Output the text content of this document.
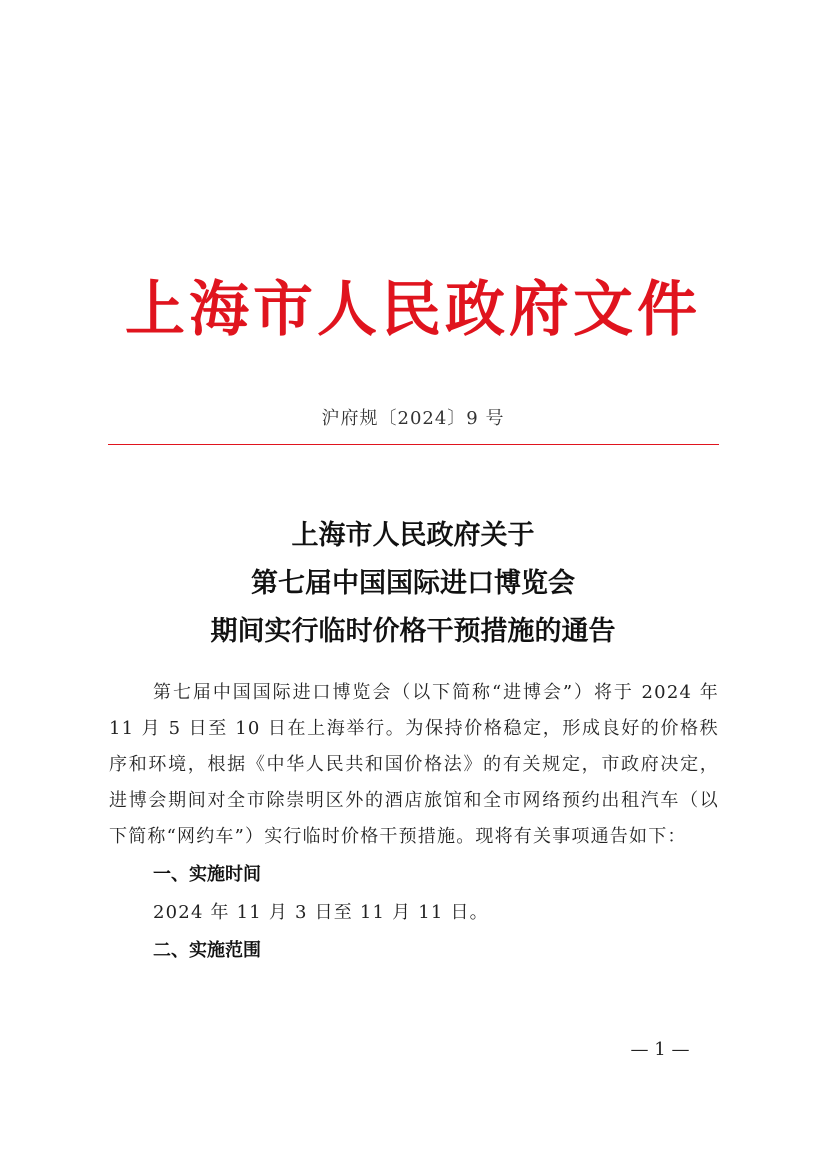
上海市人民政府文件
沪府规〔2024〕9 号
上海市人民政府关于
第七届中国国际进口博览会
期间实行临时价格干预措施的通告

第七届中国国际进口博览会（以下简称“进博会”）将于 2024 年 11 月 5 日至 10 日在上海举行。为保持价格稳定，形成良好的价格秩序和环境，根据《中华人民共和国价格法》的有关规定，市政府决定，进博会期间对全市除崇明区外的酒店旅馆和全市网络预约出租汽车（以下简称“网约车”）实行临时价格干预措施。现将有关事项通告如下：

一、实施时间

2024 年 11 月 3 日至 11 月 11 日。

二、实施范围

— 1 —
